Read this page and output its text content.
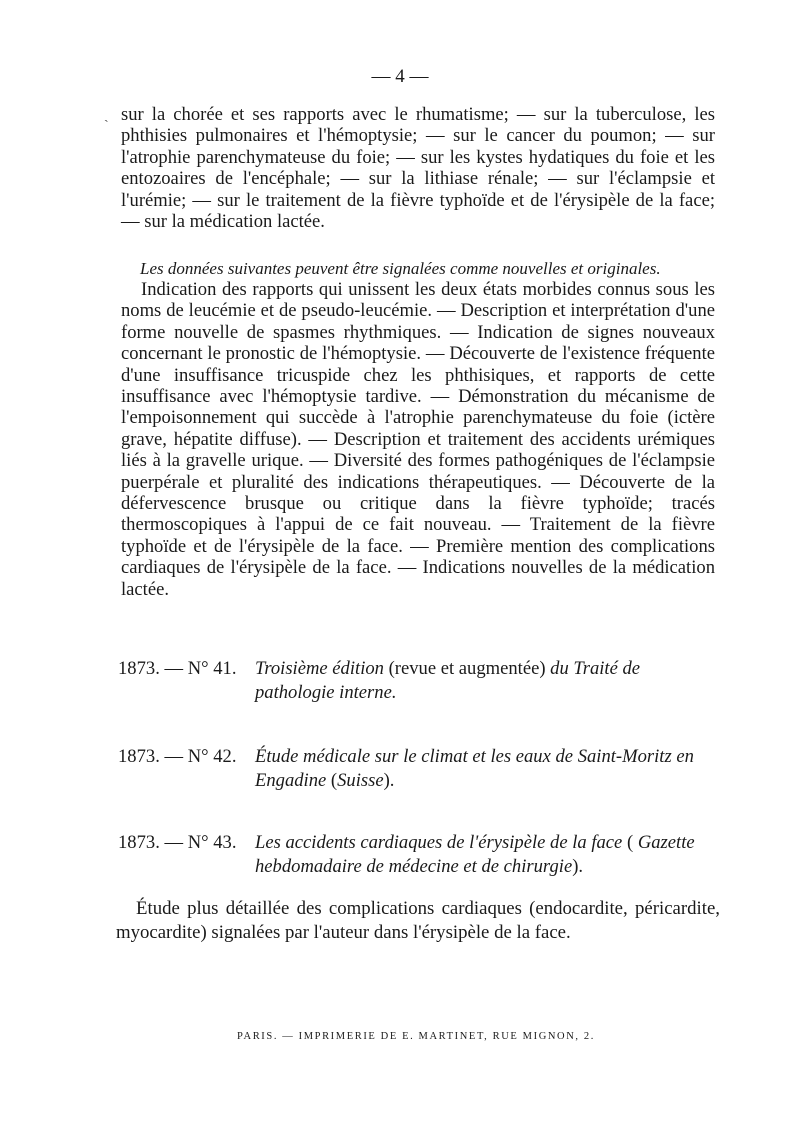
— 4 —
ˎ sur la chorée et ses rapports avec le rhumatisme; — sur la tuberculose, les phthisies pulmonaires et l'hémoptysie; — sur le cancer du poumon; — sur l'atrophie parenchymateuse du foie; — sur les kystes hydatiques du foie et les entozoaires de l'encéphale; — sur la lithiase rénale; — sur l'éclampsie et l'urémie; — sur le traitement de la fièvre typhoïde et de l'érysipèle de la face; — sur la médication lactée.

Les données suivantes peuvent être signalées comme nouvelles et originales.

Indication des rapports qui unissent les deux états morbides connus sous les noms de leucémie et de pseudo-leucémie. — Description et interprétation d'une forme nouvelle de spasmes rhythmiques. — Indication de signes nouveaux concernant le pronostic de l'hémoptysie. — Découverte de l'existence fréquente d'une insuffisance tricuspide chez les phthisiques, et rapports de cette insuffisance avec l'hémoptysie tardive. — Démonstration du mécanisme de l'empoisonnement qui succède à l'atrophie parenchymateuse du foie (ictère grave, hépatite diffuse). — Description et traitement des accidents urémiques liés à la gravelle urique. — Diversité des formes pathogéniques de l'éclampsie puerpérale et pluralité des indications thérapeutiques. — Découverte de la défervescence brusque ou critique dans la fièvre typhoïde; tracés thermoscopiques à l'appui de ce fait nouveau. — Traitement de la fièvre typhoïde et de l'érysipèle de la face. — Première mention des complications cardiaques de l'érysipèle de la face. — Indications nouvelles de la médication lactée.

1873. — N° 41. Troisième édition (revue et augmentée) du Traité de pathologie interne.
1873. — N° 42. Étude médicale sur le climat et les eaux de Saint-Moritz en Engadine (Suisse).
1873. — N° 43. Les accidents cardiaques de l'érysipèle de la face ( Gazette hebdomadaire de médecine et de chirurgie).

Étude plus détaillée des complications cardiaques (endocardite, péricardite, myocardite) signalées par l'auteur dans l'érysipèle de la face.

PARIS. — IMPRIMERIE DE E. MARTINET, RUE MIGNON, 2.
